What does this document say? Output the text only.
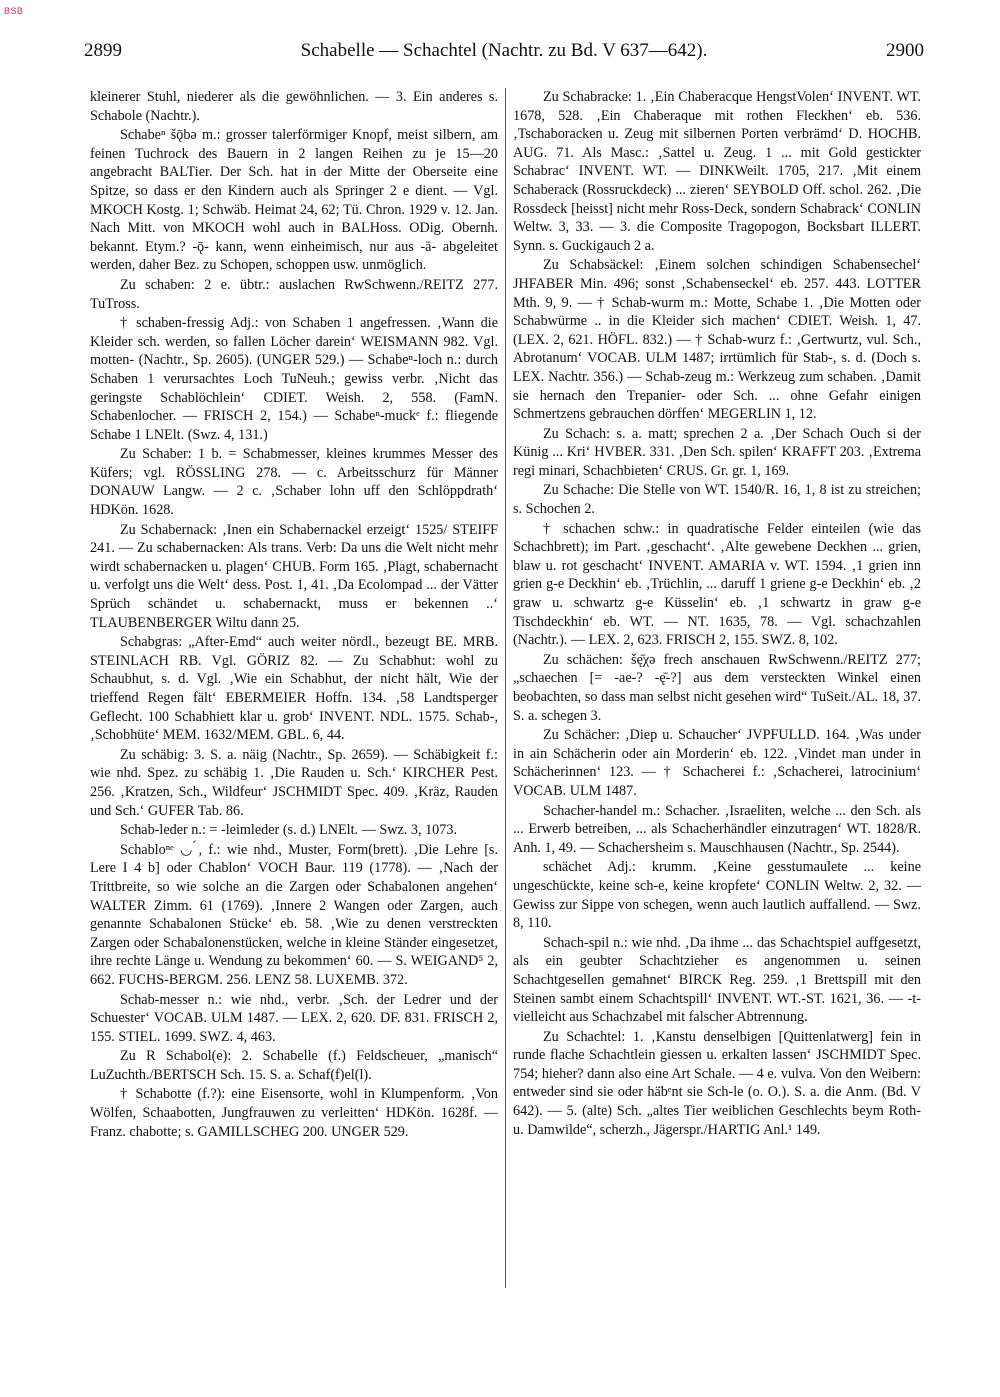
BSB
2899	Schabelle — Schachtel (Nachtr. zu Bd. V 637—642).	2900

kleinerer Stuhl, niederer als die gewöhnlichen. — 3. Ein anderes s. Schabole (Nachtr.).

Schabeⁿ šǭbə m.: grosser talerförmiger Knopf, meist silbern, am feinen Tuchrock des Bauern in 2 langen Reihen zu je 15—20 angebracht BALTier. Der Sch. hat in der Mitte der Oberseite eine Spitze, so dass er den Kindern auch als Springer 2 e dient. — Vgl. MKOCH Kostg. 1; Schwäb. Heimat 24, 62; Tü. Chron. 1929 v. 12. Jan. Nach Mitt. von MKOCH wohl auch in BALHoss. ODig. Obernh. bekannt. Etym.? -ǭ- kann, wenn einheimisch, nur aus -ā- abgeleitet werden, daher Bez. zu Schopen, schoppen usw. unmöglich.

Zu schaben: 2 e. übtr.: auslachen RwSchwenn./REITZ 277. TuTross.

† schaben-fressig Adj.: von Schaben 1 angefressen. ‚Wann die Kleider sch. werden, so fallen Löcher darein‘ WEISMANN 982. Vgl. motten- (Nachtr., Sp. 2605). (UNGER 529.) — Schabeⁿ-loch n.: durch Schaben 1 verursachtes Loch TuNeuh.; gewiss verbr. ‚Nicht das geringste Schablöchlein‘ CDIET. Weish. 2, 558. (FamN. Schabenlocher. — FRISCH 2, 154.) — Schabeⁿ-muckᵉ f.: fliegende Schabe 1 LNElt. (Swz. 4, 131.)

Zu Schaber: 1 b. = Schabmesser, kleines krummes Messer des Küfers; vgl. RÖSSLING 278. — c. Arbeitsschurz für Männer DONAUW Langw. — 2 c. ‚Schaber lohn uff den Schlöppdrath‘ HDKön. 1628.

Zu Schabernack: ‚Inen ein Schabernackel erzeigt‘ 1525/ STEIFF 241. — Zu schabernacken: Als trans. Verb: Da uns die Welt nicht mehr wirdt schabernacken u. plagen‘ CHUB. Form 165. ‚Plagt, schabernacht u. verfolgt uns die Welt‘ dess. Post. 1, 41. ‚Da Ecolompad ... der Vätter Sprüch schändet u. schabernackt, muss er bekennen ..‘ TLAUBENBERGER Wiltu dann 25.

Schabgras: „After-Emd“ auch weiter nördl., bezeugt BE. MRB. STEINLACH RB. Vgl. GÖRIZ 82. — Zu Schabhut: wohl zu Schaubhut, s. d. Vgl. ‚Wie ein Schabhut, der nicht hält, Wie der trieffend Regen fält‘ EBERMEIER Hoffn. 134. ‚58 Landtsperger Geflecht. 100 Schabhiett klar u. grob‘ INVENT. NDL. 1575. Schab-, ‚Schobhüte‘ MEM. 1632/MEM. GBL. 6, 44.

Zu schäbig: 3. S. a. näig (Nachtr., Sp. 2659). — Schäbigkeit f.: wie nhd. Spez. zu schäbig 1. ‚Die Rauden u. Sch.‘ KIRCHER Pest. 256. ‚Kratzen, Sch., Wildfeur‘ JSCHMIDT Spec. 409. ‚Kräz, Rauden und Sch.‘ GUFER Tab. 86.

Schab-leder n.: = -leimleder (s. d.) LNElt. — Swz. 3, 1073.

Schabloⁿᵉ ◡ ́, f.: wie nhd., Muster, Form(brett). ‚Die Lehre [s. Lere I 4 b] oder Chablon‘ VOCH Baur. 119 (1778). — ‚Nach der Trittbreite, so wie solche an die Zargen oder Schabalonen angehen‘ WALTER Zimm. 61 (1769). ‚Innere 2 Wangen oder Zargen, auch genannte Schabalonen Stücke‘ eb. 58. ‚Wie zu denen verstreckten Zargen oder Schabalonenstücken, welche in kleine Ständer eingesetzet, ihre rechte Länge u. Wendung zu bekommen‘ 60. — S. WEIGAND⁵ 2, 662. FUCHS-BERGM. 256. LENZ 58. LUXEMB. 372.

Schab-messer n.: wie nhd., verbr. ‚Sch. der Ledrer und der Schuester‘ VOCAB. ULM 1487. — LEX. 2, 620. DF. 831. FRISCH 2, 155. STIEL. 1699. SWZ. 4, 463.

Zu R Schabol(e): 2. Schabelle (f.) Feldscheuer, „manisch“ LuZuchth./BERTSCH Sch. 15. S. a. Schaf(f)el(l).

† Schabotte (f.?): eine Eisensorte, wohl in Klumpenform. ‚Von Wölfen, Schaabotten, Jungfrauwen zu verleitten‘ HDKön. 1628f. — Franz. chabotte; s. GAMILLSCHEG 200. UNGER 529.

Zu Schabracke: 1. ‚Ein Chaberacque HengstVolen‘ INVENT. WT. 1678, 528. ‚Ein Chaberaque mit rothen Fleckhen‘ eb. 536. ‚Tschaboracken u. Zeug mit silbernen Porten verbrämd‘ D. HOCHB. AUG. 71. Als Masc.: ‚Sattel u. Zeug. 1 ... mit Gold gestickter Schabrac‘ INVENT. WT. — DINKWeilt. 1705, 217. ‚Mit einem Schaberack (Rossruckdeck) ... zieren‘ SEYBOLD Off. schol. 262. ‚Die Rossdeck [heisst] nicht mehr Ross-Deck, sondern Schabrack‘ CONLIN Weltw. 3, 33. — 3. die Composite Tragopogon, Bocksbart ILLERT. Synn. s. Guckigauch 2 a.

Zu Schabsäckel: ‚Einem solchen schindigen Schabensechel‘ JHFABER Min. 496; sonst ‚Schabenseckel‘ eb. 257. 443. LOTTER Mth. 9, 9. — † Schab-wurm m.: Motte, Schabe 1. ‚Die Motten oder Schabwürme .. in die Kleider sich machen‘ CDIET. Weish. 1, 47. (LEX. 2, 621. HÖFL. 832.) — † Schab-wurz f.: ‚Gertwurtz, vul. Sch., Abrotanum‘ VOCAB. ULM 1487; irrtümlich für Stab-, s. d. (Doch s. LEX. Nachtr. 356.) — Schab-zeug m.: Werkzeug zum schaben. ‚Damit sie hernach den Trepanier- oder Sch. ... ohne Gefahr einigen Schmertzens gebrauchen dörffen‘ MEGERLIN 1, 12.

Zu Schach: s. a. matt; sprechen 2 a. ‚Der Schach Ouch si der Künig ... Kri‘ HVBER. 331. ‚Den Sch. spilen‘ KRAFFT 203. ‚Extrema regi minari, Schachbieten‘ CRUS. Gr. gr. 1, 169.

Zu Schache: Die Stelle von WT. 1540/R. 16, 1, 8 ist zu streichen; s. Schochen 2.

† schachen schw.: in quadratische Felder einteilen (wie das Schachbrett); im Part. ‚geschacht‘. ‚Alte gewebene Deckhen ... grien, blaw u. rot geschacht‘ INVENT. AMARIA v. WT. 1594. ‚1 grien inn grien g-e Deckhin‘ eb. ‚Trüchlin, ... daruff 1 griene g-e Deckhin‘ eb. ‚2 graw u. schwartz g-e Küsselin‘ eb. ‚1 schwartz in graw g-e Tischdeckhin‘ eb. WT. — NT. 1635, 78. — Vgl. schachzahlen (Nachtr.). — LEX. 2, 623. FRISCH 2, 155. SWZ. 8, 102.

Zu schächen: šę̄χə frech anschauen RwSchwenn./REITZ 277; „schaechen [= -ae-? -ę̄-?] aus dem versteckten Winkel einen beobachten, so dass man selbst nicht gesehen wird“ TuSeit./AL. 18, 37. S. a. schegen 3.

Zu Schächer: ‚Diep u. Schaucher‘ JVPFULLD. 164. ‚Was under in ain Schächerin oder ain Morderin‘ eb. 122. ‚Vindet man under in Schächerinnen‘ 123. — † Schacherei f.: ‚Schacherei, latrocinium‘ VOCAB. ULM 1487.

Schacher-handel m.: Schacher. ‚Israeliten, welche ... den Sch. als ... Erwerb betreiben, ... als Schacherhändler einzutragen‘ WT. 1828/R. Anh. 1, 49. — Schachersheim s. Mauschhausen (Nachtr., Sp. 2544).

schächet Adj.: krumm. ‚Keine gesstumaulete ... keine ungeschückte, keine sch-e, keine kropfete‘ CONLIN Weltw. 2, 32. — Gewiss zur Sippe von schegen, wenn auch lautlich auffallend. — Swz. 8, 110.

Schach-spil n.: wie nhd. ‚Da ihme ... das Schachtspiel auffgesetzt, als ein geubter Schachtzieher es angenommen u. seinen Schachtgesellen gemahnet‘ BIRCK Reg. 259. ‚1 Brettspill mit den Steinen sambt einem Schachtspill‘ INVENT. WT.-ST. 1621, 36. — -t- vielleicht aus Schachzabel mit falscher Abtrennung.

Zu Schachtel: 1. ‚Kanstu denselbigen [Quittenlatwerg] fein in runde flache Schachtlein giessen u. erkalten lassen‘ JSCHMIDT Spec. 754; hieher? dann also eine Art Schale. — 4 e. vulva. Von den Weibern: entweder sind sie oder hä̈bᵉnt sie Sch-le (o. O.). S. a. die Anm. (Bd. V 642). — 5. (alte) Sch. „altes Tier weiblichen Geschlechts beym Roth- u. Damwilde“, scherzh., Jägerspr./HARTIG Anl.¹ 149.
